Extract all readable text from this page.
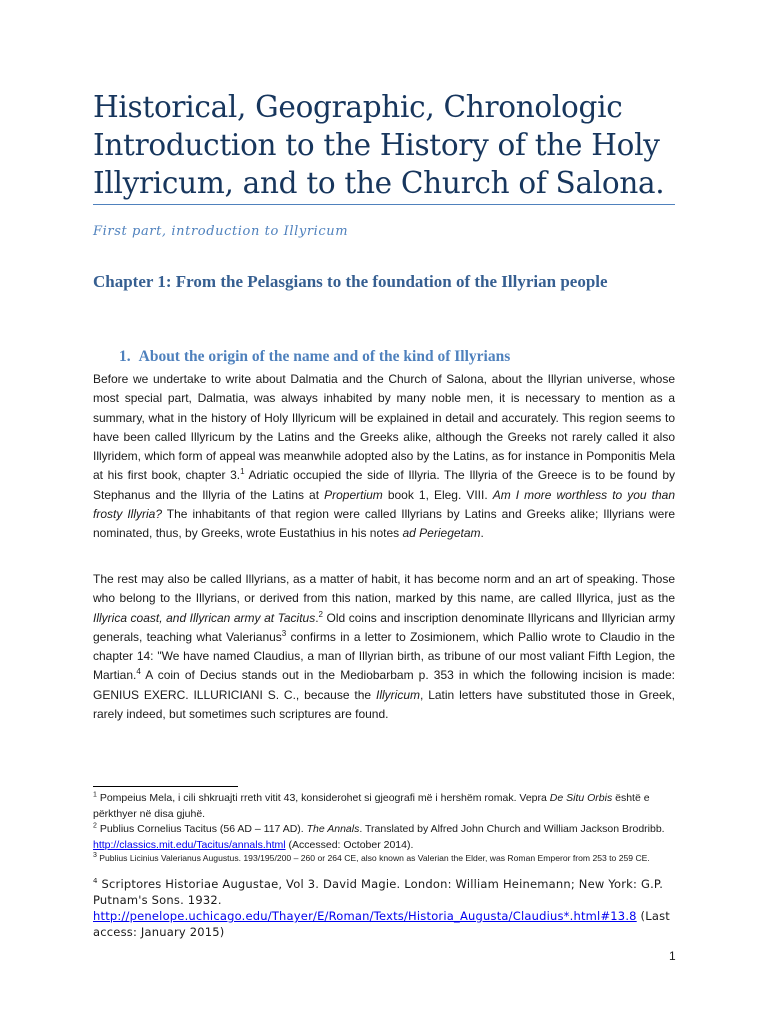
Historical, Geographic, Chronologic Introduction to the History of the Holy Illyricum, and to the Church of Salona.
First part, introduction to Illyricum
Chapter 1: From the Pelasgians to the foundation of the Illyrian people
1. About the origin of the name and of the kind of Illyrians

Before we undertake to write about Dalmatia and the Church of Salona, about the Illyrian universe, whose most special part, Dalmatia, was always inhabited by many noble men, it is necessary to mention as a summary, what in the history of Holy Illyricum will be explained in detail and accurately. This region seems to have been called Illyricum by the Latins and the Greeks alike, although the Greeks not rarely called it also Illyridem, which form of appeal was meanwhile adopted also by the Latins, as for instance in Pomponitis Mela at his first book, chapter 3.$^1$ Adriatic occupied the side of Illyria. The Illyria of the Greece is to be found by Stephanus and the Illyria of the Latins at Propertium book 1, Eleg. VIII. Am I more worthless to you than frosty Illyria? The inhabitants of that region were called Illyrians by Latins and Greeks alike; Illyrians were nominated, thus, by Greeks, wrote Eustathius in his notes ad Periegetam.

The rest may also be called Illyrians, as a matter of habit, it has become norm and an art of speaking. Those who belong to the Illyrians, or derived from this nation, marked by this name, are called Illyrica, just as the Illyrica coast, and Illyrican army at Tacitus.$^2$ Old coins and inscription denominate Illyricans and Illyrician army generals, teaching what Valerianus$^3$ confirms in a letter to Zosimionem, which Pallio wrote to Claudio in the chapter 14: "We have named Claudius, a man of Illyrian birth, as tribune of our most valiant Fifth Legion, the Martian.$^4$ A coin of Decius stands out in the Mediobarbam p. 353 in which the following incision is made: GENIUS EXERC. ILLURICIANI S. C., because the Illyricum, Latin letters have substituted those in Greek, rarely indeed, but sometimes such scriptures are found.

$^1$ Pompeius Mela, i cili shkruajti rreth vitit 43, konsiderohet si gjeografi më i hershëm romak. Vepra De Situ Orbis është e përkthyer në disa gjuhë.

$^2$ Publius Cornelius Tacitus (56 AD – 117 AD). The Annals. Translated by Alfred John Church and William Jackson Brodribb. http://classics.mit.edu/Tacitus/annals.html (Accessed: October 2014).

$^3$ Publius Licinius Valerianus Augustus. 193/195/200 – 260 or 264 CE, also known as Valerian the Elder, was Roman Emperor from 253 to 259 CE.

$^4$ Scriptores Historiae Augustae, Vol 3. David Magie. London: William Heinemann; New York: G.P. Putnam's Sons. 1932. http://penelope.uchicago.edu/Thayer/E/Roman/Texts/Historia_Augusta/Claudius*.html#13.8 (Last access: January 2015)

1
